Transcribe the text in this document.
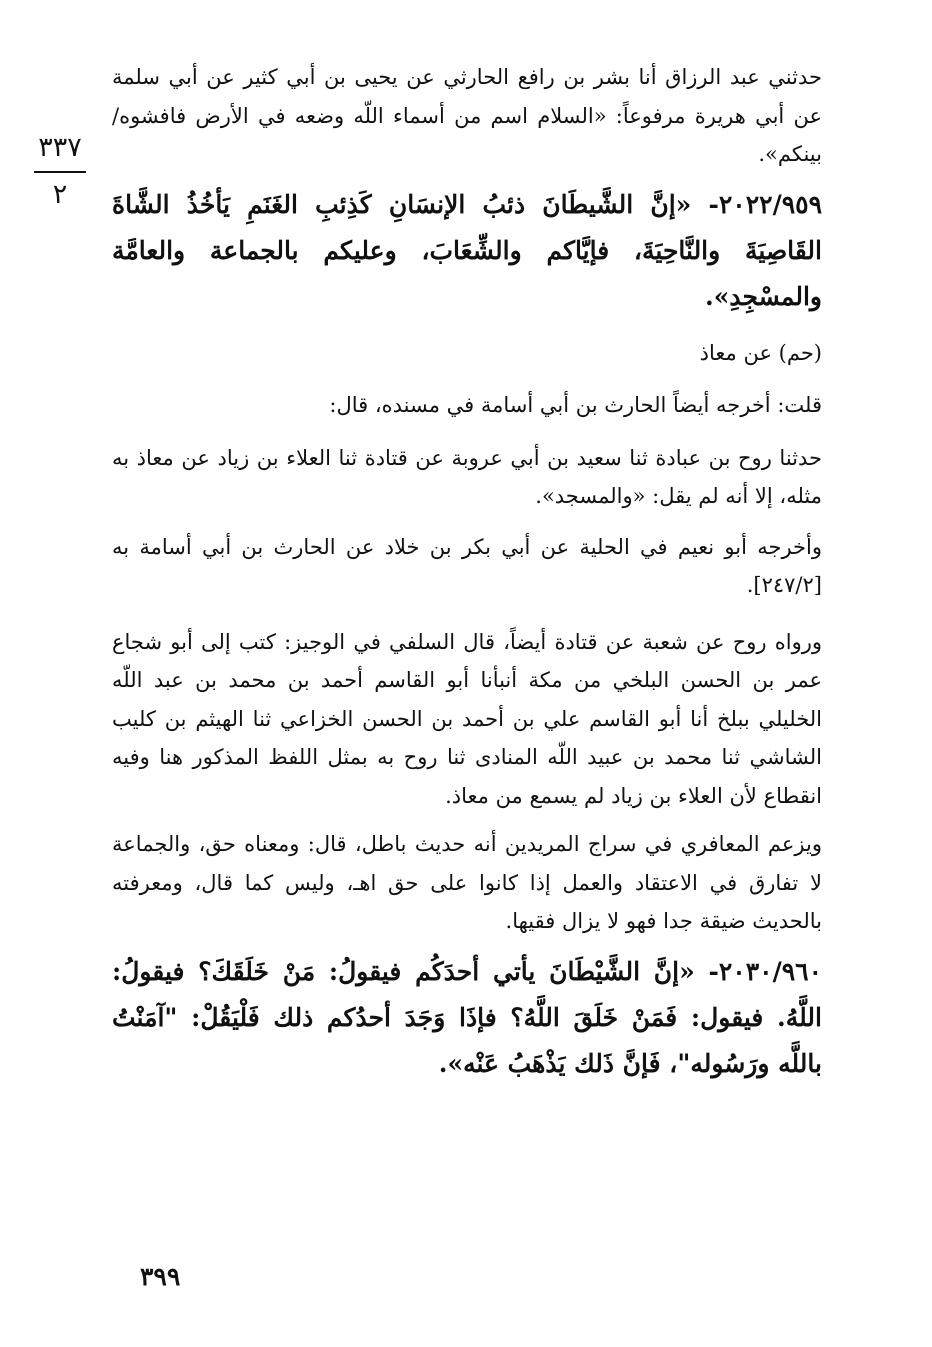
٣٣٧
٢

حدثني عبد الرزاق أنا بشر بن رافع الحارثي عن يحيى بن أبي كثير عن أبي سلمة عن أبي هريرة مرفوعاً: «السلام اسم من أسماء اللّه وضعه في الأرض فافشوه/ بينكم».

٢٠٢٢/٩٥٩- «إنَّ الشَّيطَانَ ذئبُ الإنسَانِ كَذِئبِ الغَنَمِ يَأخُذُ الشَّاةَ القَاصِيَةَ والنَّاحِيَةَ، فإيَّاكم والشِّعَابَ، وعليكم بالجماعة والعامَّة والمسْجِدِ».

(حم) عن معاذ

قلت: أخرجه أيضاً الحارث بن أبي أسامة في مسنده، قال:

حدثنا روح بن عبادة ثنا سعيد بن أبي عروبة عن قتادة ثنا العلاء بن زياد عن معاذ به مثله، إلا أنه لم يقل: «والمسجد».

وأخرجه أبو نعيم في الحلية عن أبي بكر بن خلاد عن الحارث بن أبي أسامة به [٢٤٧/٢].

ورواه روح عن شعبة عن قتادة أيضاً، قال السلفي في الوجيز: كتب إلى أبو شجاع عمر بن الحسن البلخي من مكة أنبأنا أبو القاسم أحمد بن محمد بن عبد اللّه الخليلي ببلخ أنا أبو القاسم علي بن أحمد بن الحسن الخزاعي ثنا الهيثم بن كليب الشاشي ثنا محمد بن عبيد اللّه المنادى ثنا روح به بمثل اللفظ المذكور هنا وفيه انقطاع لأن العلاء بن زياد لم يسمع من معاذ.

ويزعم المعافري في سراج المريدين أنه حديث باطل، قال: ومعناه حق، والجماعة لا تفارق في الاعتقاد والعمل إذا كانوا على حق اهـ، وليس كما قال، ومعرفته بالحديث ضيقة جدا فهو لا يزال فقيها.

٢٠٣٠/٩٦٠- «إنَّ الشَّيْطَانَ يأتي أحدَكُم فيقولُ: مَنْ خَلَقَكَ؟ فيقولُ: اللَّهُ. فيقول: فَمَنْ خَلَقَ اللَّهُ؟ فإذَا وَجَدَ أحدُكم ذلك فَلْيَقُلْ: "آمَنْتُ باللَّه ورَسُوله"، فَإنَّ ذَلك يَذْهَبُ عَنْه».

٣٩٩
